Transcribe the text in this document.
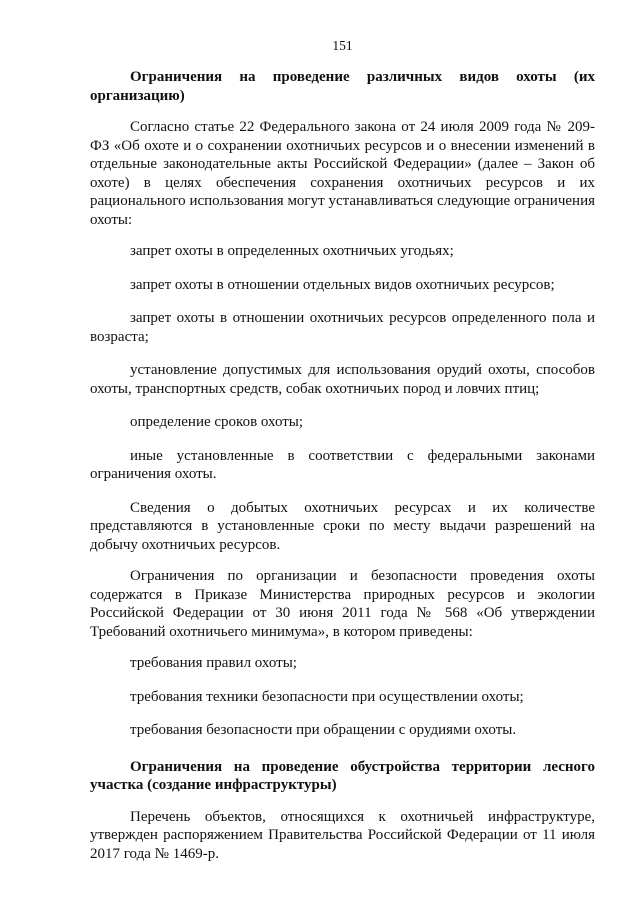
151

Ограничения на проведение различных видов охоты (их организацию)

Согласно статье 22 Федерального закона от 24 июля 2009 года № 209-ФЗ «Об охоте и о сохранении охотничьих ресурсов и о внесении изменений в отдельные законодательные акты Российской Федерации» (далее – Закон об охоте) в целях обеспечения сохранения охотничьих ресурсов и их рационального использования могут устанавливаться следующие ограничения охоты:

запрет охоты в определенных охотничьих угодьях;

запрет охоты в отношении отдельных видов охотничьих ресурсов;

запрет охоты в отношении охотничьих ресурсов определенного пола и возраста;

установление допустимых для использования орудий охоты, способов охоты, транспортных средств, собак охотничьих пород и ловчих птиц;

определение сроков охоты;

иные установленные в соответствии с федеральными законами ограничения охоты.

Сведения о добытых охотничьих ресурсах и их количестве представляются в установленные сроки по месту выдачи разрешений на добычу охотничьих ресурсов.

Ограничения по организации и безопасности проведения охоты содержатся в Приказе Министерства природных ресурсов и экологии Российской Федерации от 30 июня 2011 года № 568 «Об утверждении Требований охотничьего минимума», в котором приведены:

требования правил охоты;

требования техники безопасности при осуществлении охоты;

требования безопасности при обращении с орудиями охоты.

Ограничения на проведение обустройства территории лесного участка (создание инфраструктуры)

Перечень объектов, относящихся к охотничьей инфраструктуре, утвержден распоряжением Правительства Российской Федерации от 11 июля 2017 года № 1469-р.
